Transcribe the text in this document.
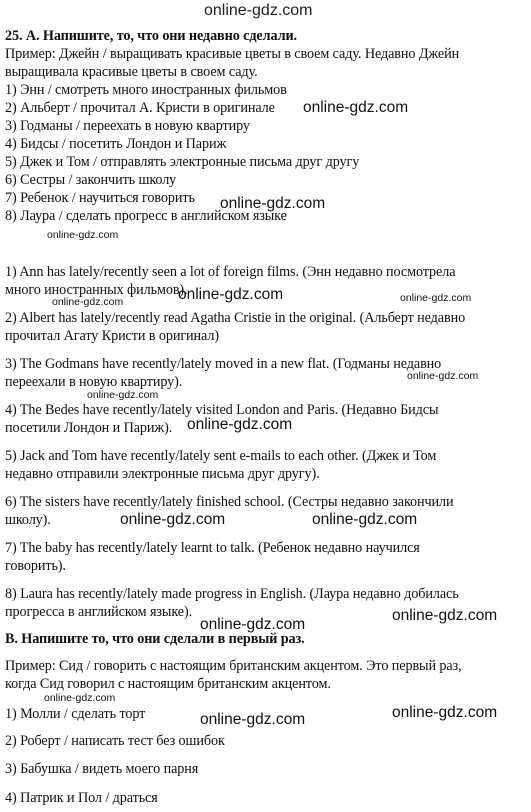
online-gdz.com
25. А. Напишите, то, что они недавно сделали.
Пример: Джейн / выращивать красивые цветы в своем саду. Недавно Джейн
выращивала красивые цветы в своем саду.
1) Энн / смотреть много иностранных фильмов
2) Альберт / прочитал А. Кристи в оригинале
3) Годманы / переехать в новую квартиру
4) Бидсы / посетить Лондон и Париж
5) Джек и Том / отправлять электронные письма друг другу
6) Сестры / закончить школу
7) Ребенок / научиться говорить
8) Лаура / сделать прогресс в английском языке
1) Ann has lately/recently seen a lot of foreign films. (Энн недавно посмотрела
много иностранных фильмов).
2) Albert has lately/recently read Agatha Cristie in the original. (Альберт недавно
прочитал Агату Кристи в оригинал)
3) The Godmans have recently/lately moved in a new flat. (Годманы недавно
переехали в новую квартиру).
4) The Bedes have recently/lately visited London and Paris. (Недавно Бидсы
посетили Лондон и Париж).
5) Jack and Tom have recently/lately sent e-mails to each other. (Джек и Том
недавно отправили электронные письма друг другу).
6) The sisters have recently/lately finished school. (Сестры недавно закончили
школу).
7) The baby has recently/lately learnt to talk. (Ребенок недавно научился
говорить).
8) Laura has recently/lately made progress in English. (Лаура недавно добилась
прогресса в английском языке).
B. Напишите то, что они сделали в первый раз.
Пример: Сид / говорить с настоящим британским акцентом. Это первый раз,
когда Сид говорил с настоящим британским акцентом.
1) Молли / сделать торт
2) Роберт / написать тест без ошибок
3) Бабушка / видеть моего парня
4) Патрик и Пол / драться
online-gdz.com
online-gdz.com
online-gdz.com
online-gdz.com
online-gdz.com	online-gdz.com
online-gdz.com
online-gdz.com
online-gdz.com	online-gdz.com
online-gdz.com
online-gdz.com	online-gdz.com
online-gdz.com
online-gdz.com
online-gdz.com
